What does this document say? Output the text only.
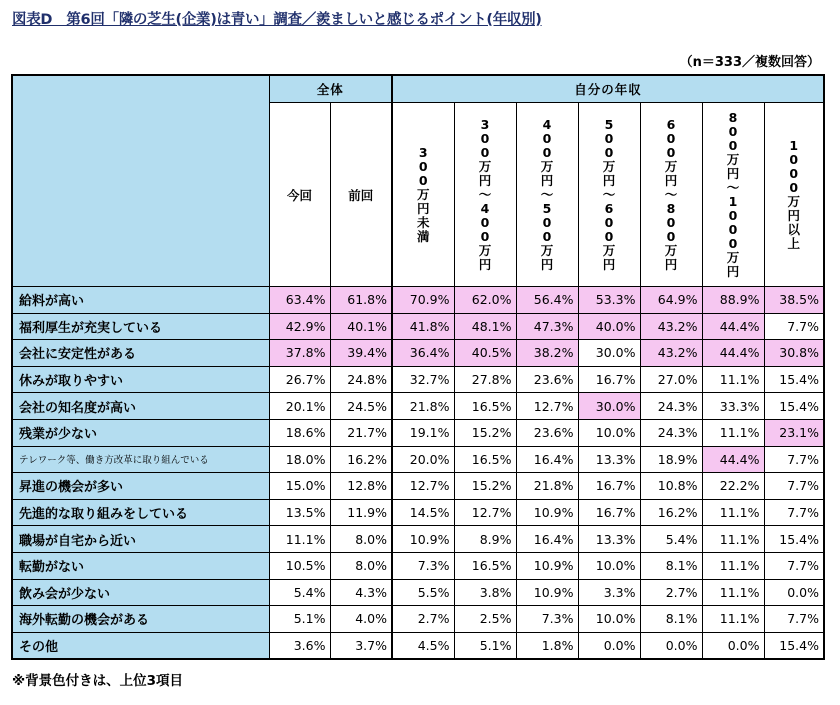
図表D　第6回「隣の芝生(企業)は青い」調査／羨ましいと感じるポイント(年収別)
（n＝333／複数回答）
	全体		自分の年収						
	今回	前回	300万円未満	300万円～400万円	400万円～500万円	500万円～600万円	600万円～800万円	800万円～1000万円	1000万円以上
給料が高い	63.4%	61.8%	70.9%	62.0%	56.4%	53.3%	64.9%	88.9%	38.5%
福利厚生が充実している	42.9%	40.1%	41.8%	48.1%	47.3%	40.0%	43.2%	44.4%	7.7%
会社に安定性がある	37.8%	39.4%	36.4%	40.5%	38.2%	30.0%	43.2%	44.4%	30.8%
休みが取りやすい	26.7%	24.8%	32.7%	27.8%	23.6%	16.7%	27.0%	11.1%	15.4%
会社の知名度が高い	20.1%	24.5%	21.8%	16.5%	12.7%	30.0%	24.3%	33.3%	15.4%
残業が少ない	18.6%	21.7%	19.1%	15.2%	23.6%	10.0%	24.3%	11.1%	23.1%
テレワーク等、働き方改革に取り組んでいる	18.0%	16.2%	20.0%	16.5%	16.4%	13.3%	18.9%	44.4%	7.7%
昇進の機会が多い	15.0%	12.8%	12.7%	15.2%	21.8%	16.7%	10.8%	22.2%	7.7%
先進的な取り組みをしている	13.5%	11.9%	14.5%	12.7%	10.9%	16.7%	16.2%	11.1%	7.7%
職場が自宅から近い	11.1%	8.0%	10.9%	8.9%	16.4%	13.3%	5.4%	11.1%	15.4%
転勤がない	10.5%	8.0%	7.3%	16.5%	10.9%	10.0%	8.1%	11.1%	7.7%
飲み会が少ない	5.4%	4.3%	5.5%	3.8%	10.9%	3.3%	2.7%	11.1%	0.0%
海外転勤の機会がある	5.1%	4.0%	2.7%	2.5%	7.3%	10.0%	8.1%	11.1%	7.7%
その他	3.6%	3.7%	4.5%	5.1%	1.8%	0.0%	0.0%	0.0%	15.4%
※背景色付きは、上位3項目
